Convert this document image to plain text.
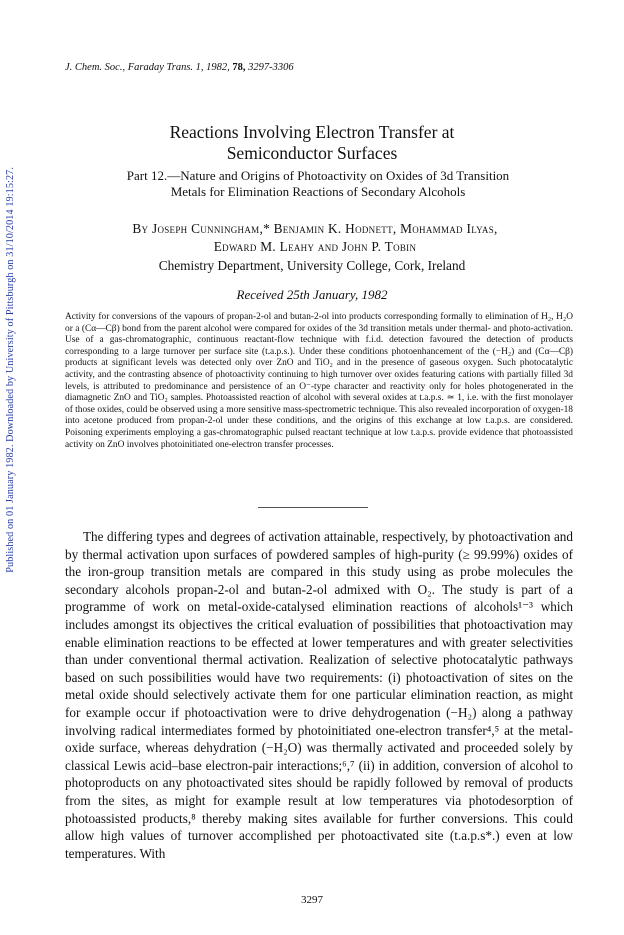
Published on 01 January 1982. Downloaded by University of Pittsburgh on 31/10/2014 19:15:27.
J. Chem. Soc., Faraday Trans. 1, 1982, 78, 3297-3306
Reactions Involving Electron Transfer at
Semiconductor Surfaces
Part 12.—Nature and Origins of Photoactivity on Oxides of 3d Transition
Metals for Elimination Reactions of Secondary Alcohols
By Joseph Cunningham,* Benjamin K. Hodnett, Mohammad Ilyas,
Edward M. Leahy and John P. Tobin
Chemistry Department, University College, Cork, Ireland
Received 25th January, 1982
Activity for conversions of the vapours of propan-2-ol and butan-2-ol into products corresponding formally to elimination of H₂, H₂O or a (Cα—Cβ) bond from the parent alcohol were compared for oxides of the 3d transition metals under thermal- and photo-activation. Use of a gas-chromatographic, continuous reactant-flow technique with f.i.d. detection favoured the detection of products corresponding to a large turnover per surface site (t.a.p.s.). Under these conditions photoenhancement of the (−H₂) and (Cα—Cβ) products at significant levels was detected only over ZnO and TiO₂ and in the presence of gaseous oxygen. Such photocatalytic activity, and the contrasting absence of photoactivity continuing to high turnover over oxides featuring cations with partially filled 3d levels, is attributed to predominance and persistence of an O⁻-type character and reactivity only for holes photogenerated in the diamagnetic ZnO and TiO₂ samples. Photoassisted reaction of alcohol with several oxides at t.a.p.s. ≃ 1, i.e. with the first monolayer of those oxides, could be observed using a more sensitive mass-spectrometric technique. This also revealed incorporation of oxygen-18 into acetone produced from propan-2-ol under these conditions, and the origins of this exchange at low t.a.p.s. are considered. Poisoning experiments employing a gas-chromatographic pulsed reactant technique at low t.a.p.s. provide evidence that photoassisted activity on ZnO involves photoinitiated one-electron transfer processes.
The differing types and degrees of activation attainable, respectively, by photoactivation and by thermal activation upon surfaces of powdered samples of high-purity (≥ 99.99%) oxides of the iron-group transition metals are compared in this study using as probe molecules the secondary alcohols propan-2-ol and butan-2-ol admixed with O₂. The study is part of a programme of work on metal-oxide-catalysed elimination reactions of alcohols¹⁻³ which includes amongst its objectives the critical evaluation of possibilities that photoactivation may enable elimination reactions to be effected at lower temperatures and with greater selectivities than under conventional thermal activation. Realization of selective photocatalytic pathways based on such possibilities would have two requirements: (i) photoactivation of sites on the metal oxide should selectively activate them for one particular elimination reaction, as might for example occur if photoactivation were to drive dehydrogenation (−H₂) along a pathway involving radical intermediates formed by photoinitiated one-electron transfer⁴,⁵ at the metal-oxide surface, whereas dehydration (−H₂O) was thermally activated and proceeded solely by classical Lewis acid–base electron-pair interactions;⁶,⁷ (ii) in addition, conversion of alcohol to photoproducts on any photoactivated sites should be rapidly followed by removal of products from the sites, as might for example result at low temperatures via photodesorption of photoassisted products,⁸ thereby making sites available for further conversions. This could allow high values of turnover accomplished per photoactivated site (t.a.p.s*.) even at low temperatures. With
3297
